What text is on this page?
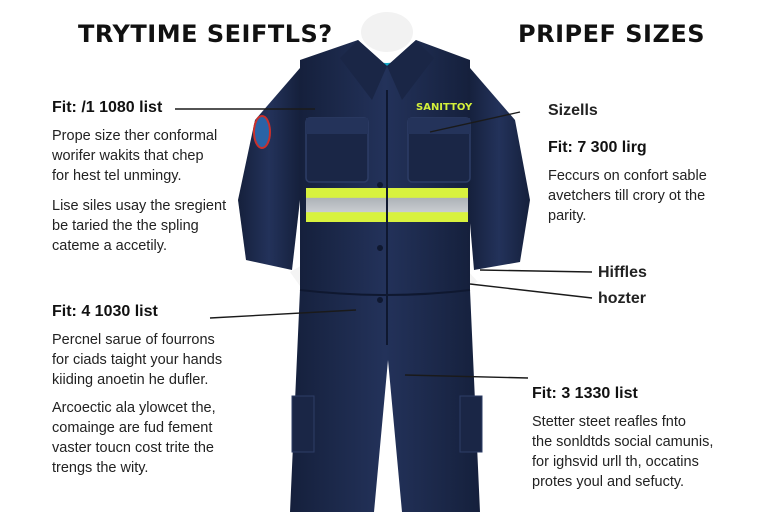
SANITTOY
TRYTIME SEIFTLS?	PRIPEF SIZES
Fit: /1 1080 list
Prope size ther conformal
worifer wakits that chep
for hest tel unmingy.
Lise siles usay the sregient
be taried the the spling
cateme a accetily.
Fit: 4 1030 list
Percnel sarue of fourrons
for ciads taight your hands
kiiding anoetin he dufler.
Arcoectic ala ylowcet the,
comainge are fud fement
vaster toucn cost trite the
trengs the wity.
Sizells
Fit: 7 300 lirg
Feccurs on confort sable
avetchers till crory ot the
parity.
Hiffles
hozter
Fit: 3 1330 list
Stetter steet reafles fnto
the sonldtds social camunis,
for ighsvid urll th, occatins
protes youl and sefucty.
